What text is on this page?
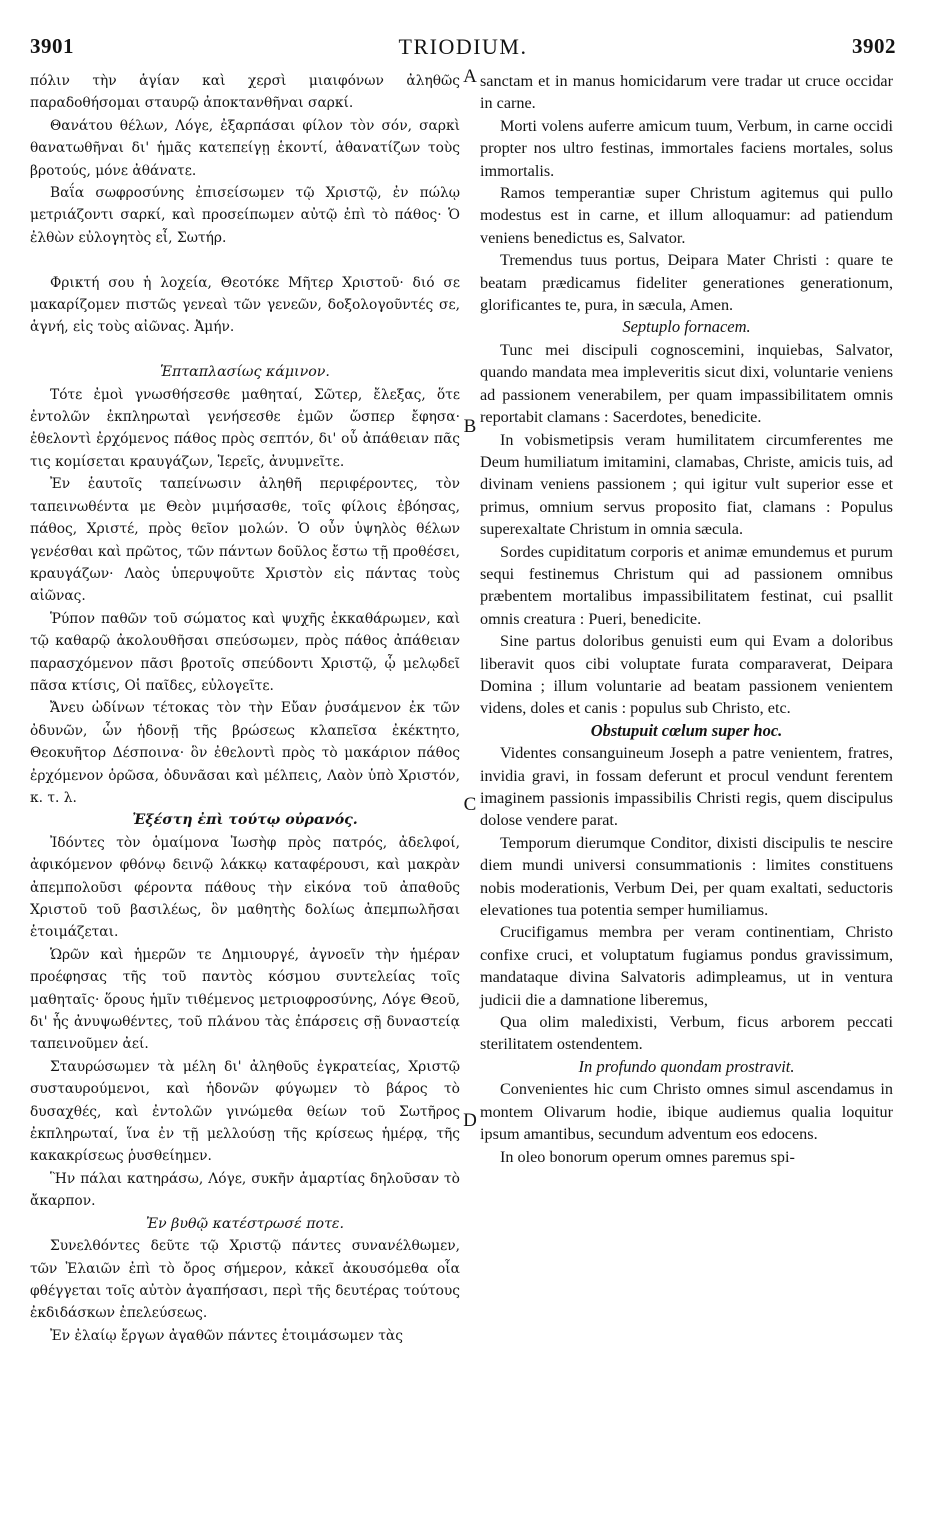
3901	TRIODIUM.	3902
A
B
C
D

πόλιν τὴν ἁγίαν καὶ χερσὶ μιαιφόνων ἀληθῶς παραδοθήσομαι σταυρῷ ἀποκτανθῆναι σαρκί.

Θανάτου θέλων, Λόγε, ἐξαρπάσαι φίλον τὸν σόν, σαρκὶ θανατωθῆναι δι' ἡμᾶς κατεπείγῃ ἑκοντί, ἀθανατίζων τοὺς βροτούς, μόνε ἀθάνατε.

Βαΐα σωφροσύνης ἐπισείσωμεν τῷ Χριστῷ, ἐν πώλῳ μετριάζοντι σαρκί, καὶ προσείπωμεν αὐτῷ ἐπὶ τὸ πάθος· Ὁ ἐλθὼν εὐλογητὸς εἶ, Σωτήρ.

Φρικτή σου ἡ λοχεία, Θεοτόκε Μῆτερ Χριστοῦ· διό σε μακαρίζομεν πιστῶς γενεαὶ τῶν γενεῶν, δοξολογοῦντές σε, ἁγνή, εἰς τοὺς αἰῶνας. Ἀμήν.

Ἑπταπλασίως κάμινον.

Τότε ἐμοὶ γνωσθήσεσθε μαθηταί, Σῶτερ, ἔλεξας, ὅτε ἐντολῶν ἐκπληρωταὶ γενήσεσθε ἐμῶν ὥσπερ ἔφησα· ἐθελοντὶ ἐρχόμενος πάθος πρὸς σεπτόν, δι' οὗ ἀπάθειαν πᾶς τις κομίσεται κραυγάζων, Ἱερεῖς, ἀνυμνεῖτε.

Ἐν ἑαυτοῖς ταπείνωσιν ἀληθῆ περιφέροντες, τὸν ταπεινωθέντα με Θεὸν μιμήσασθε, τοῖς φίλοις ἐβόησας, πάθος, Χριστέ, πρὸς θεῖον μολών. Ὁ οὖν ὑψηλὸς θέλων γενέσθαι καὶ πρῶτος, τῶν πάντων δοῦλος ἔστω τῇ προθέσει, κραυγάζων· Λαὸς ὑπερυψοῦτε Χριστὸν εἰς πάντας τοὺς αἰῶνας.

Ῥύπον παθῶν τοῦ σώματος καὶ ψυχῆς ἐκκαθάρωμεν, καὶ τῷ καθαρῷ ἀκολουθῆσαι σπεύσωμεν, πρὸς πάθος ἀπάθειαν παρασχόμενον πᾶσι βροτοῖς σπεύδοντι Χριστῷ, ᾧ μελῳδεῖ πᾶσα κτίσις, Οἱ παῖδες, εὐλογεῖτε.

Ἄνευ ὠδίνων τέτοκας τὸν τὴν Εὔαν ῥυσάμενον ἐκ τῶν ὀδυνῶν, ὧν ἡδονῇ τῆς βρώσεως κλαπεῖσα ἐκέκτητο, Θεοκυῆτορ Δέσποινα· ὃν ἐθελοντὶ πρὸς τὸ μακάριον πάθος ἐρχόμενον ὁρῶσα, ὀδυνᾶσαι καὶ μέλπεις, Λαὸν ὑπὸ Χριστόν, κ. τ. λ.

Ἐξέστη ἐπὶ τούτῳ οὐρανός.

Ἰδόντες τὸν ὁμαίμονα Ἰωσὴφ πρὸς πατρός, ἀδελφοί, ἀφικόμενον φθόνῳ δεινῷ λάκκῳ καταφέρουσι, καὶ μακρὰν ἀπεμπολοῦσι φέροντα πάθους τὴν εἰκόνα τοῦ ἀπαθοῦς Χριστοῦ τοῦ βασιλέως, ὃν μαθητὴς δολίως ἀπεμπωλῆσαι ἑτοιμάζεται.

Ὡρῶν καὶ ἡμερῶν τε Δημιουργέ, ἀγνοεῖν τὴν ἡμέραν προέφησας τῆς τοῦ παντὸς κόσμου συντελείας τοῖς μαθηταῖς· ὅρους ἡμῖν τιθέμενος μετριοφροσύνης, Λόγε Θεοῦ, δι' ἧς ἀνυψωθέντες, τοῦ πλάνου τὰς ἐπάρσεις σῇ δυναστείᾳ ταπεινοῦμεν ἀεί.

Σταυρώσωμεν τὰ μέλη δι' ἀληθοῦς ἐγκρατείας, Χριστῷ συσταυρούμενοι, καὶ ἡδονῶν φύγωμεν τὸ βάρος τὸ δυσαχθές, καὶ ἐντολῶν γινώμεθα θείων τοῦ Σωτῆρος ἐκπληρωταί, ἵνα ἐν τῇ μελλούσῃ τῆς κρίσεως ἡμέρᾳ, τῆς κακακρίσεως ῥυσθείημεν.

Ἣν πάλαι κατηράσω, Λόγε, συκῆν ἁμαρτίας δηλοῦσαν τὸ ἄκαρπον.

Ἐν βυθῷ κατέστρωσέ ποτε.

Συνελθόντες δεῦτε τῷ Χριστῷ πάντες συνανέλθωμεν, τῶν Ἐλαιῶν ἐπὶ τὸ ὄρος σήμερον, κἀκεῖ ἀκουσόμεθα οἷα φθέγγεται τοῖς αὐτὸν ἀγαπήσασι, περὶ τῆς δευτέρας τούτους ἐκδιδάσκων ἐπελεύσεως.

Ἐν ἐλαίῳ ἔργων ἀγαθῶν πάντες ἑτοιμάσωμεν τὰς

sanctam et in manus homicidarum vere tradar ut cruce occidar in carne.

Morti volens auferre amicum tuum, Verbum, in carne occidi propter nos ultro festinas, immortales faciens mortales, solus immortalis.

Ramos temperantiæ super Christum agitemus qui pullo modestus est in carne, et illum alloquamur: ad patiendum veniens benedictus es, Salvator.

Tremendus tuus portus, Deipara Mater Christi : quare te beatam prædicamus fideliter generationes generationum, glorificantes te, pura, in sæcula, Amen.

Septuplo fornacem.

Tunc mei discipuli cognoscemini, inquiebas, Salvator, quando mandata mea impleveritis sicut dixi, voluntarie veniens ad passionem venerabilem, per quam impassibilitatem omnis reportabit clamans : Sacerdotes, benedicite.

In vobismetipsis veram humilitatem circumferentes me Deum humiliatum imitamini, clamabas, Christe, amicis tuis, ad divinam veniens passionem ; qui igitur vult superior esse et primus, omnium servus proposito fiat, clamans : Populus superexaltate Christum in omnia sæcula.

Sordes cupiditatum corporis et animæ emundemus et purum sequi festinemus Christum qui ad passionem omnibus præbentem mortalibus impassibilitatem festinat, cui psallit omnis creatura : Pueri, benedicite.

Sine partus doloribus genuisti eum qui Evam a doloribus liberavit quos cibi voluptate furata comparaverat, Deipara Domina ; illum voluntarie ad beatam passionem venientem videns, doles et canis : populus sub Christo, etc.

Obstupuit cœlum super hoc.

Videntes consanguineum Joseph a patre venientem, fratres, invidia gravi, in fossam deferunt et procul vendunt ferentem imaginem passionis impassibilis Christi regis, quem discipulus dolose vendere parat.

Temporum dierumque Conditor, dixisti discipulis te nescire diem mundi universi consummationis : limites constituens nobis moderationis, Verbum Dei, per quam exaltati, seductoris elevationes tua potentia semper humiliamus.

Crucifigamus membra per veram continentiam, Christo confixe cruci, et voluptatum fugiamus pondus gravissimum, mandataque divina Salvatoris adimpleamus, ut in ventura judicii die a damnatione liberemus,

Qua olim maledixisti, Verbum, ficus arborem peccati sterilitatem ostendentem.

In profundo quondam prostravit.

Convenientes hic cum Christo omnes simul ascendamus in montem Olivarum hodie, ibique audiemus qualia loquitur ipsum amantibus, secundum adventum eos edocens.

In oleo bonorum operum omnes paremus spi-
